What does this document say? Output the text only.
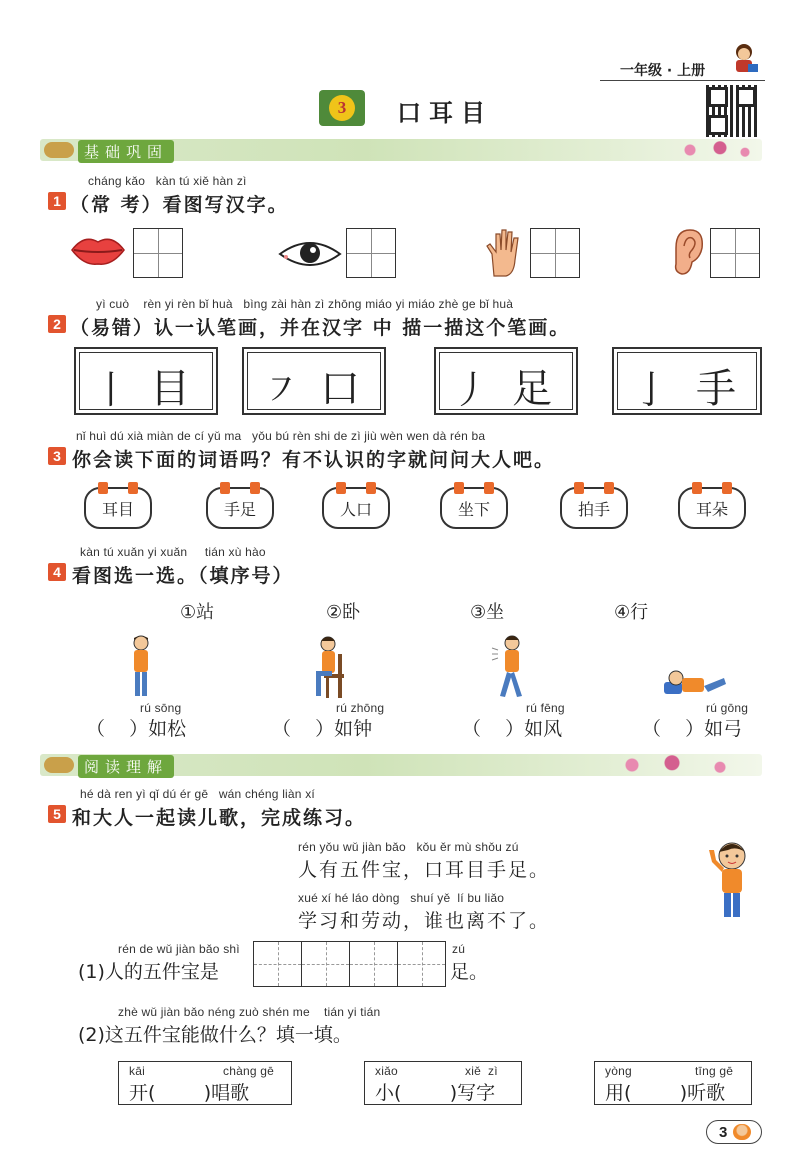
一年级 · 上册
3	口耳目
基础巩固
cháng kǎo   kàn tú xiě hàn zì
1 （常 考）看图写汉字。
yì cuò    rèn yi rèn bǐ huà   bìng zài hàn zì zhōng miáo yi miáo zhè ge bǐ huà
2 （易错）认一认笔画，并在汉字 中 描一描这个笔画。
丨 目 ㇇ 口 丿 足 亅 手
nǐ huì dú xià miàn de cí yǔ ma   yǒu bú rèn shi de zì jiù wèn wen dà rén ba
3 你会读下面的词语吗？有不认识的字就问问大人吧。
耳目	手足	人口	坐下	拍手	耳朵
kàn tú xuǎn yi xuǎn     tián xù hào
4 看图选一选。（填序号）
①站	②卧	③坐	④行
rú sōng
（    ）如松
rú zhōng
（    ）如钟
rú fēng
（    ）如风
rú gōng
（    ）如弓
阅读理解
hé dà ren yì qǐ dú ér gē   wán chéng liàn xí
5 和大人一起读儿歌，完成练习。
rén yǒu wǔ jiàn bǎo   kǒu ěr mù shǒu zú
人有五件宝，口耳目手足。
xué xí hé láo dòng   shuí yě  lí bu liǎo
学习和劳动，谁也离不了。
rén de wǔ jiàn bǎo shì
(1)人的五件宝是
zú
足。
zhè wǔ jiàn bǎo néng zuò shén me    tián yi tián
(2)这五件宝能做什么？填一填。
kāi	chàng gē
开(        )唱歌
xiǎo	xiě  zì
小(        )写字
yòng	tīng gē
用(        )听歌
3
